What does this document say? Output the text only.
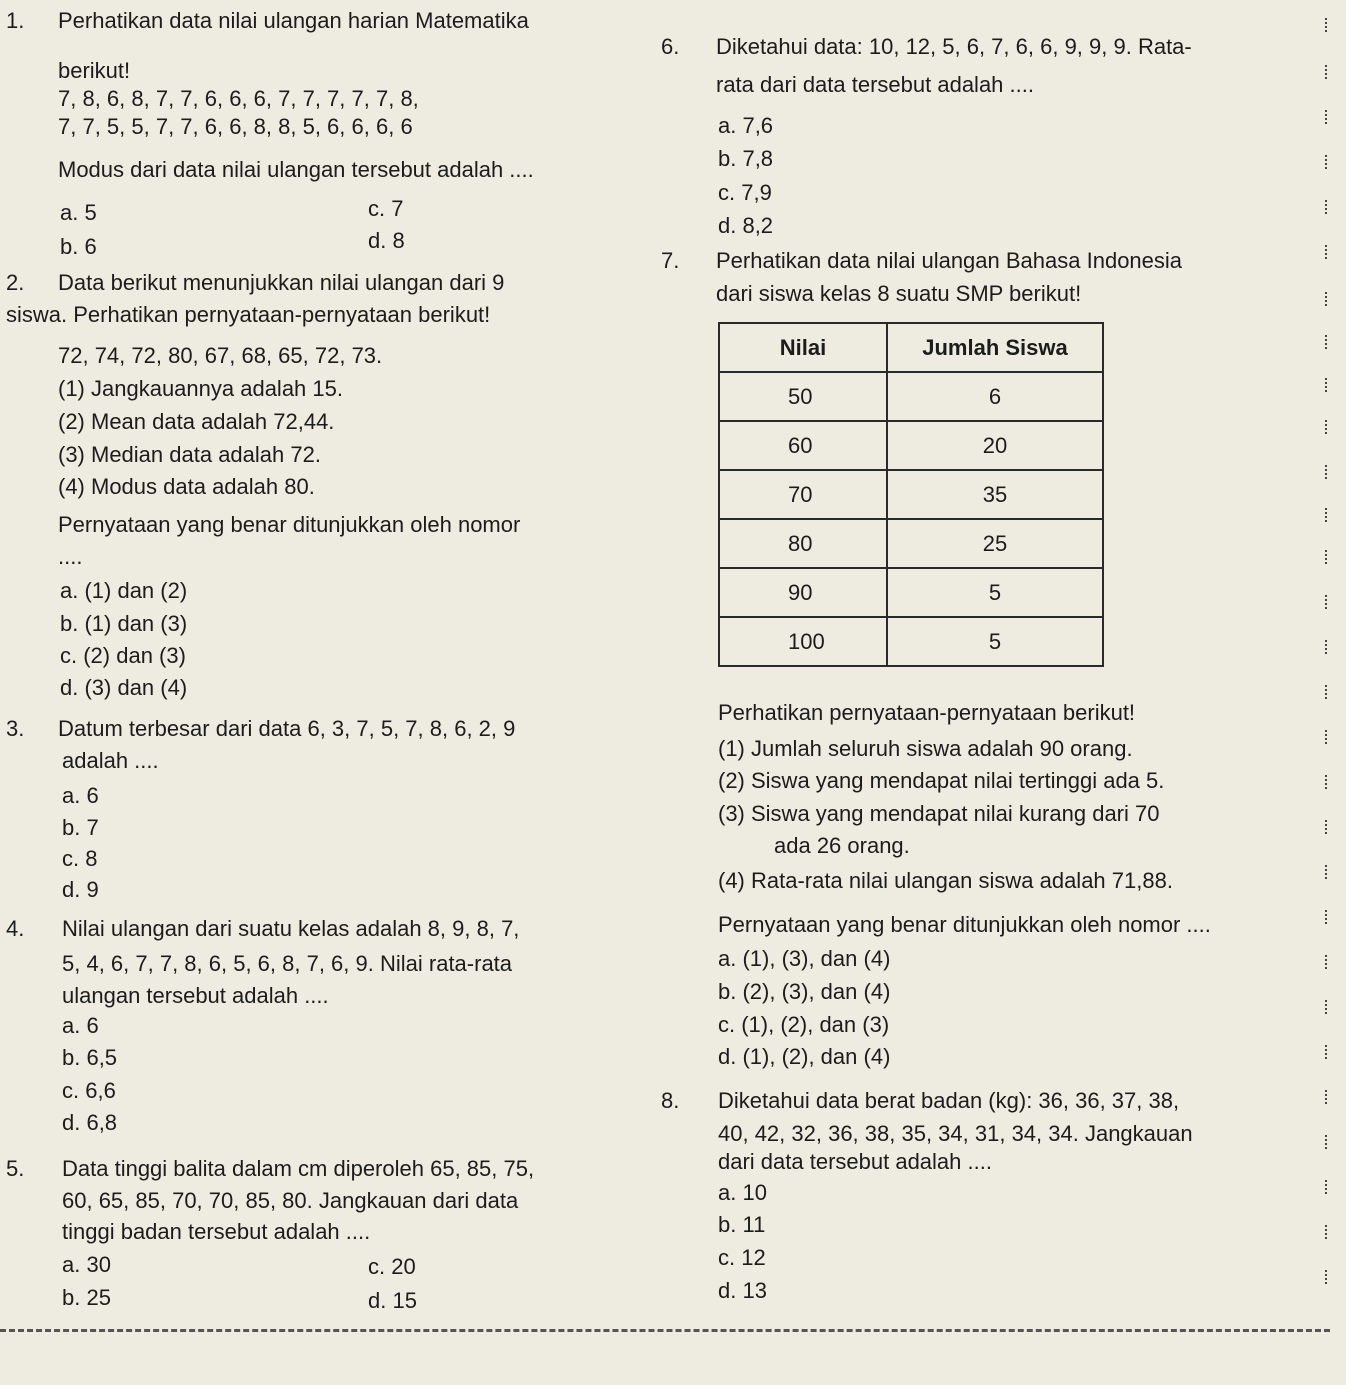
1. Perhatikan data nilai ulangan harian Matematika
berikut!
7, 8, 6, 8, 7, 7, 6, 6, 6, 7, 7, 7, 7, 7, 8,
7, 7, 5, 5, 7, 7, 6, 6, 8, 8, 5, 6, 6, 6, 6
Modus dari data nilai ulangan tersebut adalah ....
a. 5	c. 7
b. 6	d. 8
2. Data berikut menunjukkan nilai ulangan dari 9
siswa. Perhatikan pernyataan-pernyataan berikut!
72, 74, 72, 80, 67, 68, 65, 72, 73.
(1) Jangkauannya adalah 15.
(2) Mean data adalah 72,44.
(3) Median data adalah 72.
(4) Modus data adalah 80.
Pernyataan yang benar ditunjukkan oleh nomor
....
a. (1) dan (2)
b. (1) dan (3)
c. (2) dan (3)
d. (3) dan (4)
3. Datum terbesar dari data 6, 3, 7, 5, 7, 8, 6, 2, 9
adalah ....
a. 6
b. 7
c. 8
d. 9
4. Nilai ulangan dari suatu kelas adalah 8, 9, 8, 7,
5, 4, 6, 7, 7, 8, 6, 5, 6, 8, 7, 6, 9. Nilai rata-rata
ulangan tersebut adalah ....
a. 6
b. 6,5
c. 6,6
d. 6,8
5. Data tinggi balita dalam cm diperoleh 65, 85, 75,
60, 65, 85, 70, 70, 85, 80. Jangkauan dari data
tinggi badan tersebut adalah ....
a. 30	c. 20
b. 25	d. 15
6. Diketahui data: 10, 12, 5, 6, 7, 6, 6, 9, 9, 9. Rata-
rata dari data tersebut adalah ....
a. 7,6
b. 7,8
c. 7,9
d. 8,2
7. Perhatikan data nilai ulangan Bahasa Indonesia
dari siswa kelas 8 suatu SMP berikut!
Nilai	Jumlah Siswa
50	6
60	20
70	35
80	25
90	5
100	5
Perhatikan pernyataan-pernyataan berikut!
(1) Jumlah seluruh siswa adalah 90 orang.
(2) Siswa yang mendapat nilai tertinggi ada 5.
(3) Siswa yang mendapat nilai kurang dari 70
ada 26 orang.
(4) Rata-rata nilai ulangan siswa adalah 71,88.
Pernyataan yang benar ditunjukkan oleh nomor ....
a. (1), (3), dan (4)
b. (2), (3), dan (4)
c. (1), (2), dan (3)
d. (1), (2), dan (4)
8. Diketahui data berat badan (kg): 36, 36, 37, 38,
40, 42, 32, 36, 38, 35, 34, 31, 34, 34. Jangkauan
dari data tersebut adalah ....
a. 10
b. 11
c. 12
d. 13
